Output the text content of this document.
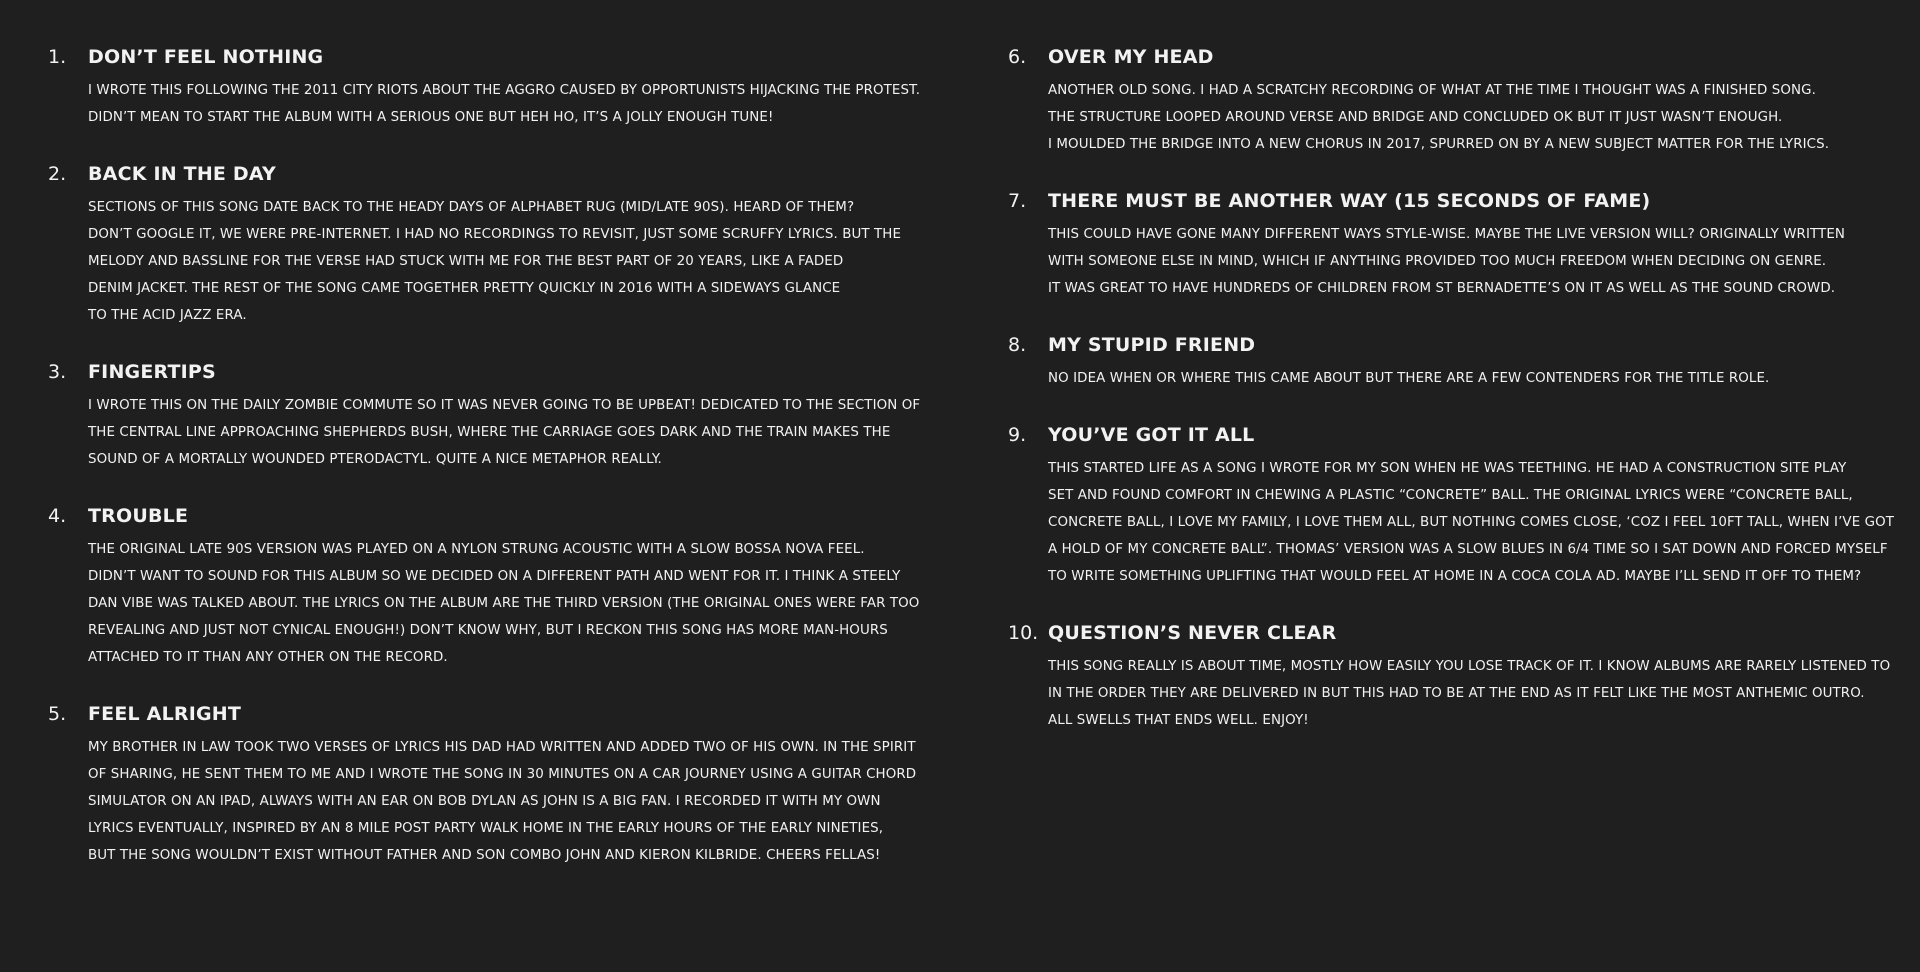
1.	DON’T FEEL NOTHING
I WROTE THIS FOLLOWING THE 2011 CITY RIOTS ABOUT THE AGGRO CAUSED BY OPPORTUNISTS HIJACKING THE PROTEST.
DIDN’T MEAN TO START THE ALBUM WITH A SERIOUS ONE BUT HEH HO, IT’S A JOLLY ENOUGH TUNE!
2.	BACK IN THE DAY
SECTIONS OF THIS SONG DATE BACK TO THE HEADY DAYS OF ALPHABET RUG (MID/LATE 90S). HEARD OF THEM?
DON’T GOOGLE IT, WE WERE PRE-INTERNET. I HAD NO RECORDINGS TO REVISIT, JUST SOME SCRUFFY LYRICS. BUT THE
MELODY AND BASSLINE FOR THE VERSE HAD STUCK WITH ME FOR THE BEST PART OF 20 YEARS, LIKE A FADED
DENIM JACKET. THE REST OF THE SONG CAME TOGETHER PRETTY QUICKLY IN 2016 WITH A SIDEWAYS GLANCE
TO THE ACID JAZZ ERA.
3.	FINGERTIPS
I WROTE THIS ON THE DAILY ZOMBIE COMMUTE SO IT WAS NEVER GOING TO BE UPBEAT! DEDICATED TO THE SECTION OF
THE CENTRAL LINE APPROACHING SHEPHERDS BUSH, WHERE THE CARRIAGE GOES DARK AND THE TRAIN MAKES THE
SOUND OF A MORTALLY WOUNDED PTERODACTYL. QUITE A NICE METAPHOR REALLY.
4.	TROUBLE
THE ORIGINAL LATE 90S VERSION WAS PLAYED ON A NYLON STRUNG ACOUSTIC WITH A SLOW BOSSA NOVA FEEL.
DIDN’T WANT TO SOUND FOR THIS ALBUM SO WE DECIDED ON A DIFFERENT PATH AND WENT FOR IT. I THINK A STEELY
DAN VIBE WAS TALKED ABOUT. THE LYRICS ON THE ALBUM ARE THE THIRD VERSION (THE ORIGINAL ONES WERE FAR TOO
REVEALING AND JUST NOT CYNICAL ENOUGH!) DON’T KNOW WHY, BUT I RECKON THIS SONG HAS MORE MAN-HOURS
ATTACHED TO IT THAN ANY OTHER ON THE RECORD.
5.	FEEL ALRIGHT
MY BROTHER IN LAW TOOK TWO VERSES OF LYRICS HIS DAD HAD WRITTEN AND ADDED TWO OF HIS OWN. IN THE SPIRIT
OF SHARING, HE SENT THEM TO ME AND I WROTE THE SONG IN 30 MINUTES ON A CAR JOURNEY USING A GUITAR CHORD
SIMULATOR ON AN IPAD, ALWAYS WITH AN EAR ON BOB DYLAN AS JOHN IS A BIG FAN. I RECORDED IT WITH MY OWN
LYRICS EVENTUALLY, INSPIRED BY AN 8 MILE POST PARTY WALK HOME IN THE EARLY HOURS OF THE EARLY NINETIES,
BUT THE SONG WOULDN’T EXIST WITHOUT FATHER AND SON COMBO JOHN AND KIERON KILBRIDE. CHEERS FELLAS!
6.	OVER MY HEAD
ANOTHER OLD SONG. I HAD A SCRATCHY RECORDING OF WHAT AT THE TIME I THOUGHT WAS A FINISHED SONG.
THE STRUCTURE LOOPED AROUND VERSE AND BRIDGE AND CONCLUDED OK BUT IT JUST WASN’T ENOUGH.
I MOULDED THE BRIDGE INTO A NEW CHORUS IN 2017, SPURRED ON BY A NEW SUBJECT MATTER FOR THE LYRICS.
7.	THERE MUST BE ANOTHER WAY (15 SECONDS OF FAME)
THIS COULD HAVE GONE MANY DIFFERENT WAYS STYLE-WISE. MAYBE THE LIVE VERSION WILL? ORIGINALLY WRITTEN
WITH SOMEONE ELSE IN MIND, WHICH IF ANYTHING PROVIDED TOO MUCH FREEDOM WHEN DECIDING ON GENRE.
IT WAS GREAT TO HAVE HUNDREDS OF CHILDREN FROM ST BERNADETTE’S ON IT AS WELL AS THE SOUND CROWD.
8.	MY STUPID FRIEND
NO IDEA WHEN OR WHERE THIS CAME ABOUT BUT THERE ARE A FEW CONTENDERS FOR THE TITLE ROLE.
9.	YOU’VE GOT IT ALL
THIS STARTED LIFE AS A SONG I WROTE FOR MY SON WHEN HE WAS TEETHING. HE HAD A CONSTRUCTION SITE PLAY
SET AND FOUND COMFORT IN CHEWING A PLASTIC “CONCRETE” BALL. THE ORIGINAL LYRICS WERE “CONCRETE BALL,
CONCRETE BALL, I LOVE MY FAMILY, I LOVE THEM ALL, BUT NOTHING COMES CLOSE, ‘COZ I FEEL 10FT TALL, WHEN I’VE GOT
A HOLD OF MY CONCRETE BALL”. THOMAS’ VERSION WAS A SLOW BLUES IN 6/4 TIME SO I SAT DOWN AND FORCED MYSELF
TO WRITE SOMETHING UPLIFTING THAT WOULD FEEL AT HOME IN A COCA COLA AD. MAYBE I’LL SEND IT OFF TO THEM?
10. QUESTION’S NEVER CLEAR
THIS SONG REALLY IS ABOUT TIME, MOSTLY HOW EASILY YOU LOSE TRACK OF IT. I KNOW ALBUMS ARE RARELY LISTENED TO
IN THE ORDER THEY ARE DELIVERED IN BUT THIS HAD TO BE AT THE END AS IT FELT LIKE THE MOST ANTHEMIC OUTRO.
ALL SWELLS THAT ENDS WELL. ENJOY!
